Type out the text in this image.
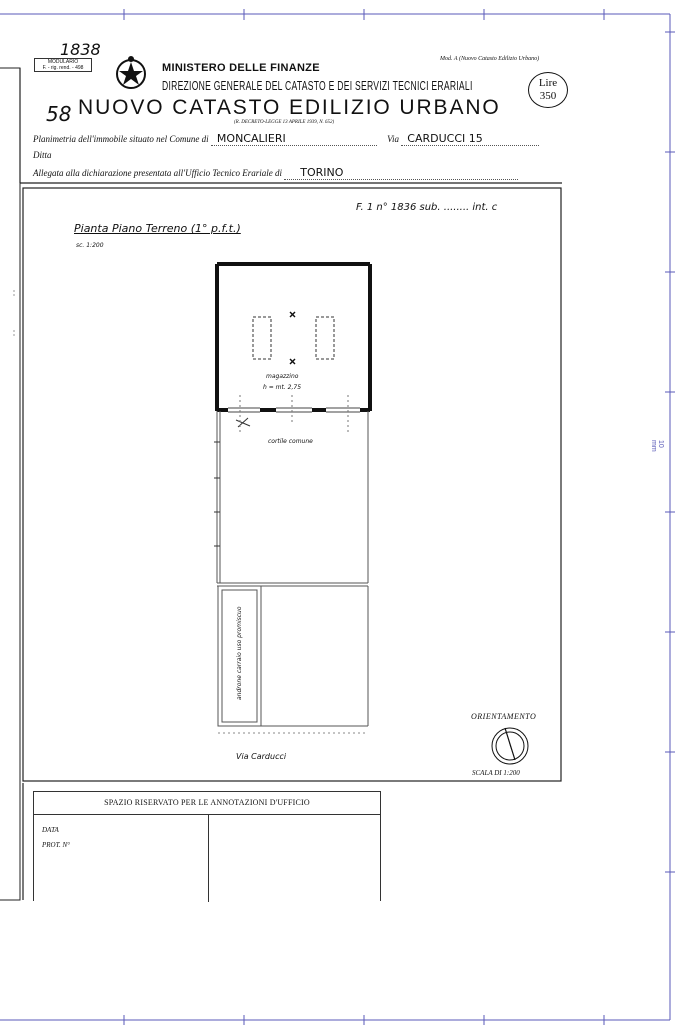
10 mm
MODULARIO
F. - rig. rend. - 498
1838
MINISTERO DELLE FINANZE
DIREZIONE GENERALE DEL CATASTO E DEI SERVIZI TECNICI ERARIALI
Mod. A (Nuovo Catasto Edilizio Urbano)
Lire
350
58 NUOVO CATASTO EDILIZIO URBANO
(R. DECRETO-LEGGE 13 APRILE 1939, N. 652)
Planimetria dell'immobile situato nel Comune di MONCALIERI	Via CARDUCCI 15
Ditta
Allegata alla dichiarazione presentata all'Ufficio Tecnico Erariale di TORINO
F. 1 n° 1836 sub. ........ int. c
Pianta Piano Terreno (1° p.f.t.)
sc. 1:200
magazzino
h = mt. 2,75
cortile comune
androne carraio uso promiscuo
Via Carducci
ORIENTAMENTO
SCALA DI 1:200
SPAZIO RISERVATO PER LE ANNOTAZIONI D'UFFICIO
DATA
PROT. N°
